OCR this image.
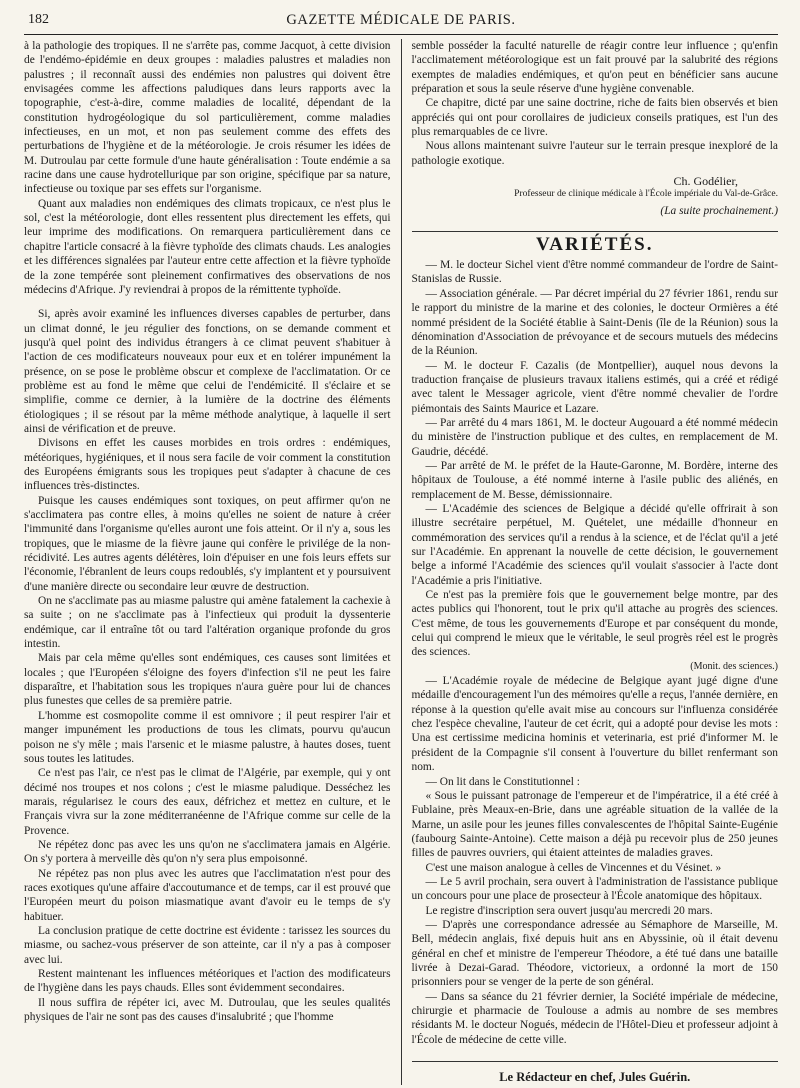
182	GAZETTE MÉDICALE DE PARIS.

à la pathologie des tropiques. Il ne s'arrête pas, comme Jacquot, à cette division de l'endémo-épidémie en deux groupes : maladies palustres et maladies non palustres ; il reconnaît aussi des endémies non palustres qui doivent être envisagées comme les affections paludiques dans leurs rapports avec la topographie, c'est-à-dire, comme maladies de localité, dépendant de la constitution hydrogéologique du sol particulièrement, comme maladies infectieuses, en un mot, et non pas seulement comme des effets des perturbations de l'hygiène et de la météorologie. Je crois résumer les idées de M. Dutroulau par cette formule d'une haute généralisation : Toute endémie a sa racine dans une cause hydrotellurique par son origine, spécifique par sa nature, infectieuse ou toxique par ses effets sur l'organisme.

Quant aux maladies non endémiques des climats tropicaux, ce n'est plus le sol, c'est la météorologie, dont elles ressentent plus directement les effets, qui leur imprime des modifications. On remarquera particulièrement dans ce chapitre l'article consacré à la fièvre typhoïde des climats chauds. Les analogies et les différences signalées par l'auteur entre cette affection et la fièvre typhoïde de la zone tempérée sont pleinement confirmatives des observations de nos médecins d'Afrique. J'y reviendrai à propos de la rémittente typhoïde.

Si, après avoir examiné les influences diverses capables de perturber, dans un climat donné, le jeu régulier des fonctions, on se demande comment et jusqu'à quel point des individus étrangers à ce climat peuvent s'habituer à l'action de ces modificateurs nouveaux pour eux et en tolérer impunément la présence, on se pose le problème obscur et complexe de l'acclimatation. Or ce problème est au fond le même que celui de l'endémicité. Il s'éclaire et se simplifie, comme ce dernier, à la lumière de la doctrine des éléments étiologiques ; il se résout par la même méthode analytique, à laquelle il sert ainsi de vérification et de preuve.

Divisons en effet les causes morbides en trois ordres : endémiques, météoriques, hygiéniques, et il nous sera facile de voir comment la constitution des Européens émigrants sous les tropiques peut s'adapter à chacune de ces influences très-distinctes.

Puisque les causes endémiques sont toxiques, on peut affirmer qu'on ne s'acclimatera pas contre elles, à moins qu'elles ne soient de nature à créer l'immunité dans l'organisme qu'elles auront une fois atteint. Or il n'y a, sous les tropiques, que le miasme de la fièvre jaune qui confère le privilége de la non-récidivité. Les autres agents délétères, loin d'épuiser en une fois leurs effets sur l'économie, l'ébranlent de leurs coups redoublés, s'y implantent et y poursuivent d'une manière directe ou secondaire leur œuvre de destruction.

On ne s'acclimate pas au miasme palustre qui amène fatalement la cachexie à sa suite ; on ne s'acclimate pas à l'infectieux qui produit la dyssenterie endémique, car il entraîne tôt ou tard l'altération organique profonde du gros intestin.

Mais par cela même qu'elles sont endémiques, ces causes sont limitées et locales ; que l'Européen s'éloigne des foyers d'infection s'il ne peut les faire disparaître, et l'habitation sous les tropiques n'aura guère pour lui de chances plus funestes que celles de sa première patrie.

L'homme est cosmopolite comme il est omnivore ; il peut respirer l'air et manger impunément les productions de tous les climats, pourvu qu'aucun poison ne s'y mêle ; mais l'arsenic et le miasme palustre, à hautes doses, tuent sous toutes les latitudes.

Ce n'est pas l'air, ce n'est pas le climat de l'Algérie, par exemple, qui y ont décimé nos troupes et nos colons ; c'est le miasme paludique. Desséchez les marais, régularisez le cours des eaux, défrichez et mettez en culture, et le Français vivra sur la zone méditerranéenne de l'Afrique comme sur celle de la Provence.

Ne répétez donc pas avec les uns qu'on ne s'acclimatera jamais en Algérie. On s'y portera à merveille dès qu'on n'y sera plus empoisonné.

Ne répétez pas non plus avec les autres que l'acclimatation n'est pour des races exotiques qu'une affaire d'accoutumance et de temps, car il est prouvé que l'Européen meurt du poison miasmatique avant d'avoir eu le temps de s'y habituer.

La conclusion pratique de cette doctrine est évidente : tarissez les sources du miasme, ou sachez-vous préserver de son atteinte, car il n'y a pas à composer avec lui.

Restent maintenant les influences météoriques et l'action des modificateurs de l'hygiène dans les pays chauds. Elles sont évidemment secondaires.

Il nous suffira de répéter ici, avec M. Dutroulau, que les seules qualités physiques de l'air ne sont pas des causes d'insalubrité ; que l'homme

semble posséder la faculté naturelle de réagir contre leur influence ; qu'enfin l'acclimatement météorologique est un fait prouvé par la salubrité des régions exemptes de maladies endémiques, et qu'on peut en bénéficier sans aucune préparation et sous la seule réserve d'une hygiène convenable.

Ce chapitre, dicté par une saine doctrine, riche de faits bien observés et bien appréciés qui ont pour corollaires de judicieux conseils pratiques, est l'un des plus remarquables de ce livre.

Nous allons maintenant suivre l'auteur sur le terrain presque inexploré de la pathologie exotique.

Ch. Godélier,
Professeur de clinique médicale à l'École impériale du Val-de-Grâce.
(La suite prochainement.)
VARIÉTÉS.

— M. le docteur Sichel vient d'être nommé commandeur de l'ordre de Saint-Stanislas de Russie.

— Association générale. — Par décret impérial du 27 février 1861, rendu sur le rapport du ministre de la marine et des colonies, le docteur Ormières a été nommé président de la Société établie à Saint-Denis (île de la Réunion) sous la dénomination d'Association de prévoyance et de secours mutuels des médecins de la Réunion.

— M. le docteur F. Cazalis (de Montpellier), auquel nous devons la traduction française de plusieurs travaux italiens estimés, qui a créé et rédigé avec talent le Messager agricole, vient d'être nommé chevalier de l'ordre piémontais des Saints Maurice et Lazare.

— Par arrêté du 4 mars 1861, M. le docteur Augouard a été nommé médecin du ministère de l'instruction publique et des cultes, en remplacement de M. Gaudrie, décédé.

— Par arrêté de M. le préfet de la Haute-Garonne, M. Bordère, interne des hôpitaux de Toulouse, a été nommé interne à l'asile public des aliénés, en remplacement de M. Besse, démissionnaire.

— L'Académie des sciences de Belgique a décidé qu'elle offrirait à son illustre secrétaire perpétuel, M. Quételet, une médaille d'honneur en commémoration des services qu'il a rendus à la science, et de l'éclat qu'il a jeté sur l'Académie. En apprenant la nouvelle de cette décision, le gouvernement belge a informé l'Académie des sciences qu'il voulait s'associer à l'acte dont l'Académie a pris l'initiative.

Ce n'est pas la première fois que le gouvernement belge montre, par des actes publics qui l'honorent, tout le prix qu'il attache au progrès des sciences. C'est même, de tous les gouvernements d'Europe et par conséquent du monde, celui qui comprend le mieux que le véritable, le seul progrès réel est le progrès des sciences.

(Monit. des sciences.)

— L'Académie royale de médecine de Belgique ayant jugé digne d'une médaille d'encouragement l'un des mémoires qu'elle a reçus, l'année dernière, en réponse à la question qu'elle avait mise au concours sur l'influenza considérée chez l'espèce chevaline, l'auteur de cet écrit, qui a adopté pour devise les mots : Una est certissime medicina hominis et veterinaria, est prié d'informer M. le président de la Compagnie s'il consent à l'ouverture du billet renfermant son nom.

— On lit dans le Constitutionnel :

« Sous le puissant patronage de l'empereur et de l'impératrice, il a été créé à Fublaine, près Meaux-en-Brie, dans une agréable situation de la vallée de la Marne, un asile pour les jeunes filles convalescentes de l'hôpital Sainte-Eugénie (faubourg Sainte-Antoine). Cette maison a déjà pu recevoir plus de 250 jeunes filles de pauvres ouvriers, qui étaient atteintes de maladies graves.

C'est une maison analogue à celles de Vincennes et du Vésinet. »

— Le 5 avril prochain, sera ouvert à l'administration de l'assistance publique un concours pour une place de prosecteur à l'École anatomique des hôpitaux.

Le registre d'inscription sera ouvert jusqu'au mercredi 20 mars.

— D'après une correspondance adressée au Sémaphore de Marseille, M. Bell, médecin anglais, fixé depuis huit ans en Abyssinie, où il était devenu général en chef et ministre de l'empereur Théodore, a été tué dans une bataille livrée à Dezai-Garad. Théodore, victorieux, a ordonné la mort de 150 prisonniers pour se venger de la perte de son général.

— Dans sa séance du 21 février dernier, la Société impériale de médecine, chirurgie et pharmacie de Toulouse a admis au nombre de ses membres résidants M. le docteur Nogués, médecin de l'Hôtel-Dieu et professeur adjoint à l'École de médecine de cette ville.

Le Rédacteur en chef, Jules Guérin.
